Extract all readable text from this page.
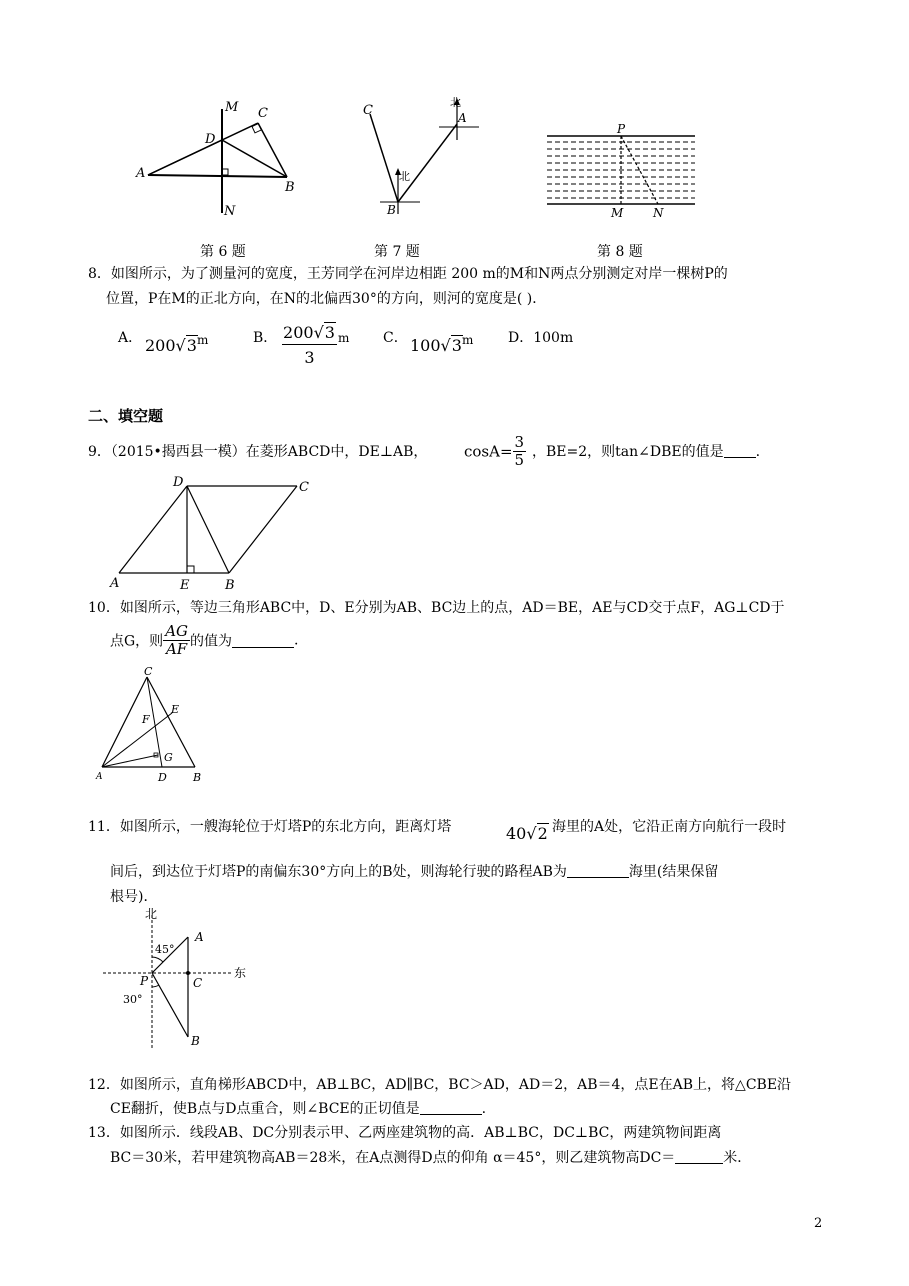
M C
D
A
B
N
第 6 题
C
北
A
北
B
第 7 题
P
M N
第 8 题
8．如图所示，为了测量河的宽度，王芳同学在河岸边相距 200 m的M和N两点分别测定对岸一棵树P的
位置，P在M的正北方向，在N的北偏西30°的方向，则河的宽度是( )．
A． 200√3 m	B． 200√3
3
m C． 100√3 m D．100m
二、填空题
9．（2015•揭西县一模）在菱形ABCD中，DE⊥AB， $\cos A= \frac{3}{5}$ ，BE=2，则tan∠DBE的值是 .
D	C
A	E	B
10．如图所示，等边三角形ABC中，D、E分别为AB、BC边上的点，AD＝BE，AE与CD交于点F，AG⊥CD于
点G，则 $\frac{AG}{AF}$ 的值为	.
C
E
F
G
A	D B
11．如图所示，一艘海轮位于灯塔P的东北方向，距离灯塔	40√2 海里的A处，它沿正南方向航行一段时
间后，到达位于灯塔P的南偏东30°方向上的B处，则海轮行驶的路程AB为	海里(结果保留
根号)．
北
东
A
C
P
B
45°
30°
12．如图所示，直角梯形ABCD中，AB⊥BC，AD∥BC，BC＞AD，AD＝2，AB＝4，点E在AB上，将△CBE沿
CE翻折，使B点与D点重合，则∠BCE的正切值是	.
13．如图所示．线段AB、DC分别表示甲、乙两座建筑物的高．AB⊥BC，DC⊥BC，两建筑物间距离
BC＝30米，若甲建筑物高AB＝28米，在A点测得D点的仰角 α＝45°，则乙建筑物高DC＝	米．
2
